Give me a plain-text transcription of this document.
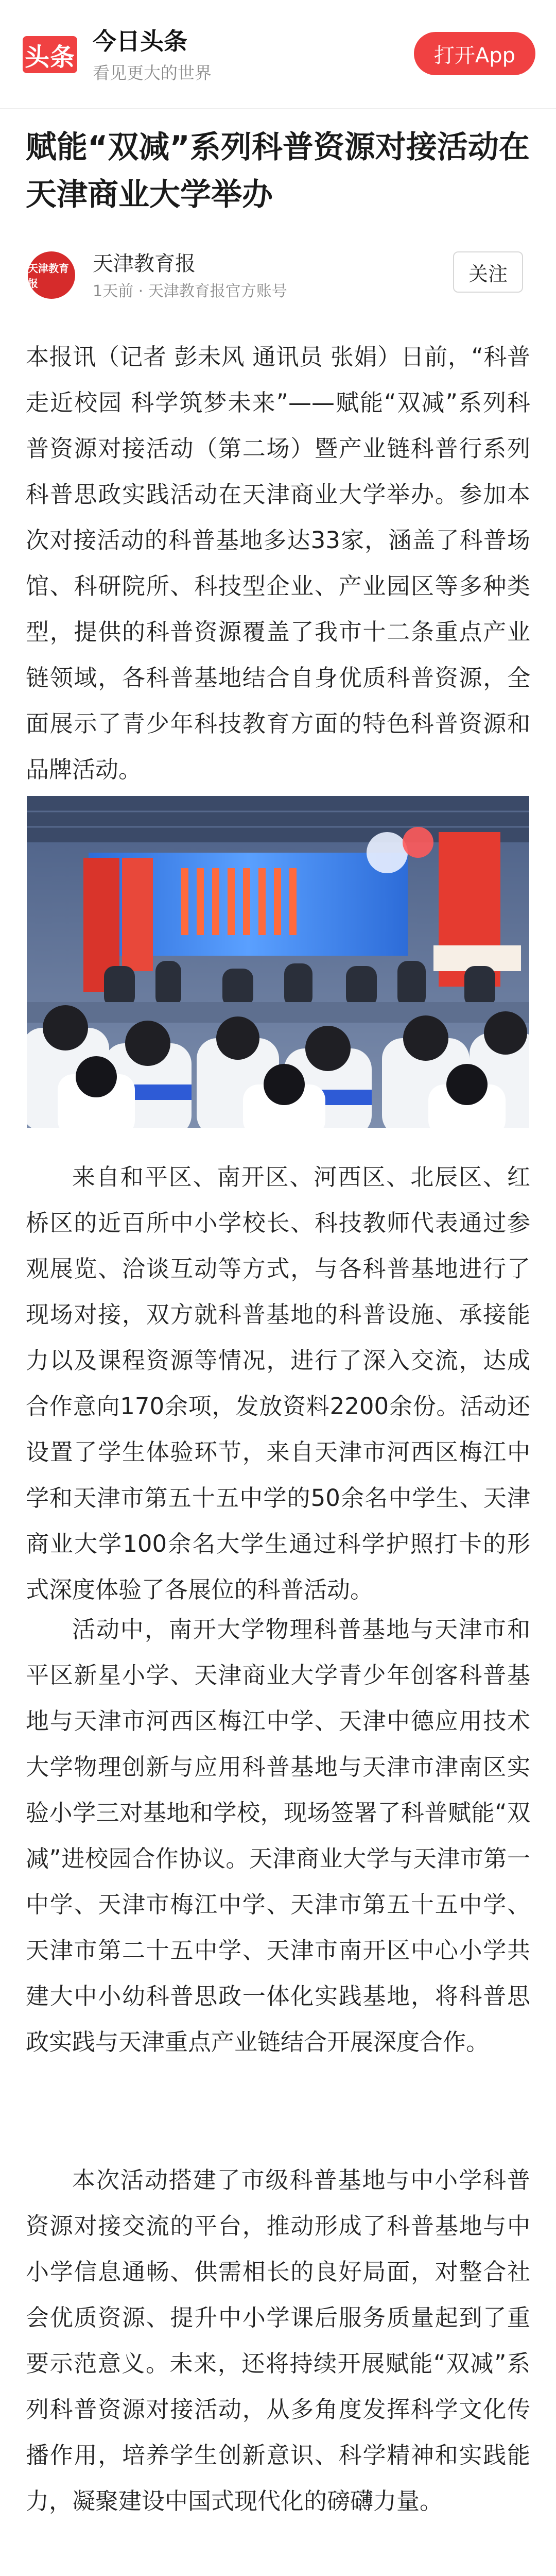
头条
今日头条
看见更大的世界
打开App
赋能“双减”系列科普资源对接活动在天津商业大学举办
天津教育报
天津教育报
1天前 · 天津教育报官方账号
关注

本报讯（记者 彭未风 通讯员 张娟）日前，“科普走近校园 科学筑梦未来”——赋能“双减”系列科普资源对接活动（第二场）暨产业链科普行系列科普思政实践活动在天津商业大学举办。参加本次对接活动的科普基地多达33家，涵盖了科普场馆、科研院所、科技型企业、产业园区等多种类型，提供的科普资源覆盖了我市十二条重点产业链领域，各科普基地结合自身优质科普资源，全面展示了青少年科技教育方面的特色科普资源和品牌活动。

来自和平区、南开区、河西区、北辰区、红桥区的近百所中小学校长、科技教师代表通过参观展览、洽谈互动等方式，与各科普基地进行了现场对接，双方就科普基地的科普设施、承接能力以及课程资源等情况，进行了深入交流，达成合作意向170余项，发放资料2200余份。活动还设置了学生体验环节，来自天津市河西区梅江中学和天津市第五十五中学的50余名中学生、天津商业大学100余名大学生通过科学护照打卡的形式深度体验了各展位的科普活动。

活动中，南开大学物理科普基地与天津市和平区新星小学、天津商业大学青少年创客科普基地与天津市河西区梅江中学、天津中德应用技术大学物理创新与应用科普基地与天津市津南区实验小学三对基地和学校，现场签署了科普赋能“双减”进校园合作协议。天津商业大学与天津市第一中学、天津市梅江中学、天津市第五十五中学、天津市第二十五中学、天津市南开区中心小学共建大中小幼科普思政一体化实践基地，将科普思政实践与天津重点产业链结合开展深度合作。

本次活动搭建了市级科普基地与中小学科普资源对接交流的平台，推动形成了科普基地与中小学信息通畅、供需相长的良好局面，对整合社会优质资源、提升中小学课后服务质量起到了重要示范意义。未来，还将持续开展赋能“双减”系列科普资源对接活动，从多角度发挥科学文化传播作用，培养学生创新意识、科学精神和实践能力，凝聚建设中国式现代化的磅礴力量。
